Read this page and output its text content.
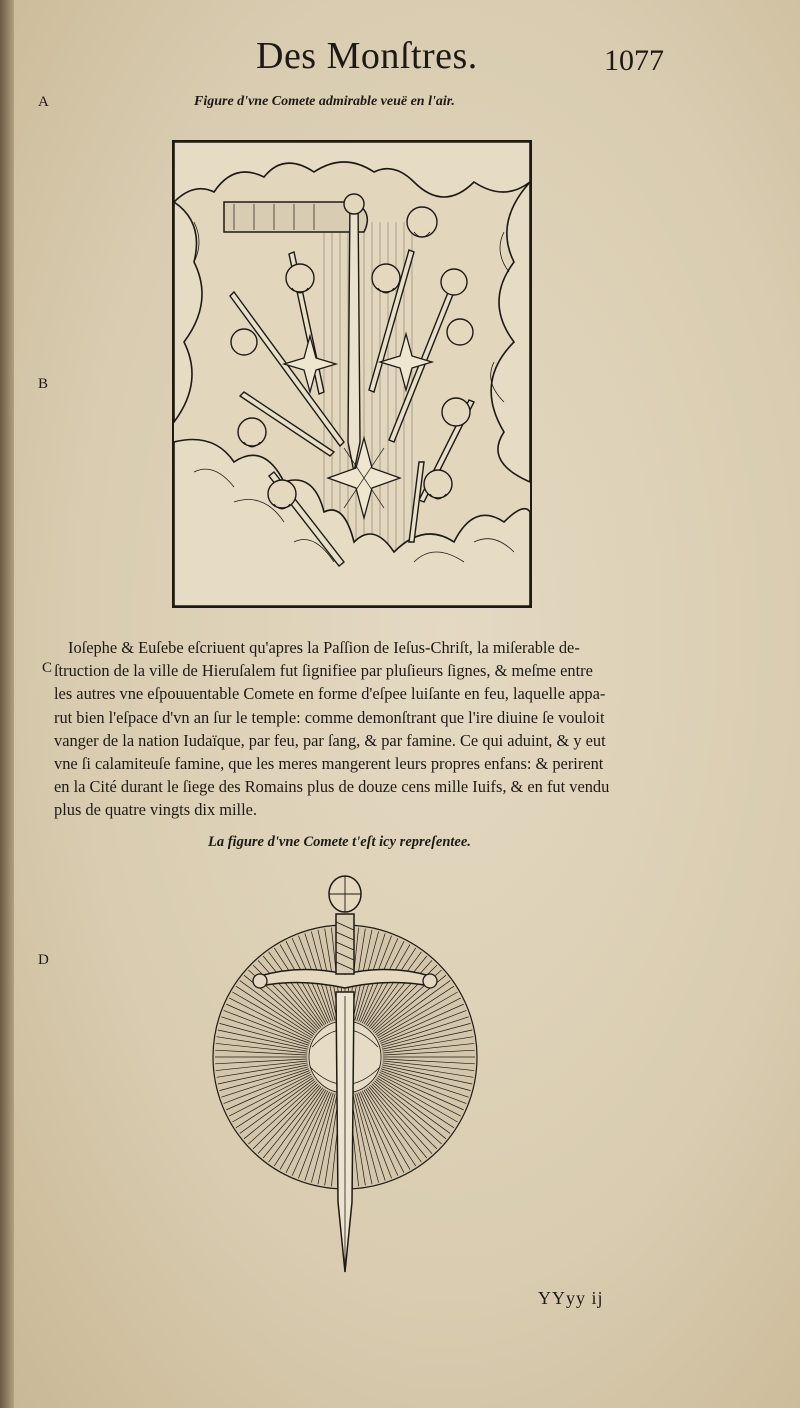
Des Monſtres.	1077
A
B
D
Figure d'vne Comete admirable veuë en l'air.
C
Ioſephe & Euſebe eſcriuent qu'apres la Paſſion de Ieſus-Chriſt, la miſerable de-
ſtruction de la ville de Hieruſalem fut ſignifiee par pluſieurs ſignes, & meſme entre
les autres vne eſpouuentable Comete en forme d'eſpee luiſante en feu, laquelle appa-
rut bien l'eſpace d'vn an ſur le temple: comme demonſtrant que l'ire diuine ſe vouloit
vanger de la nation Iudaïque, par feu, par ſang, & par famine. Ce qui aduint, & y eut
vne ſi calamiteuſe famine, que les meres mangerent leurs propres enfans: & perirent
en la Cité durant le ſiege des Romains plus de douze cens mille Iuifs, & en fut vendu
plus de quatre vingts dix mille.
La figure d'vne Comete t'eſt icy repreſentee.
YYyy ij
